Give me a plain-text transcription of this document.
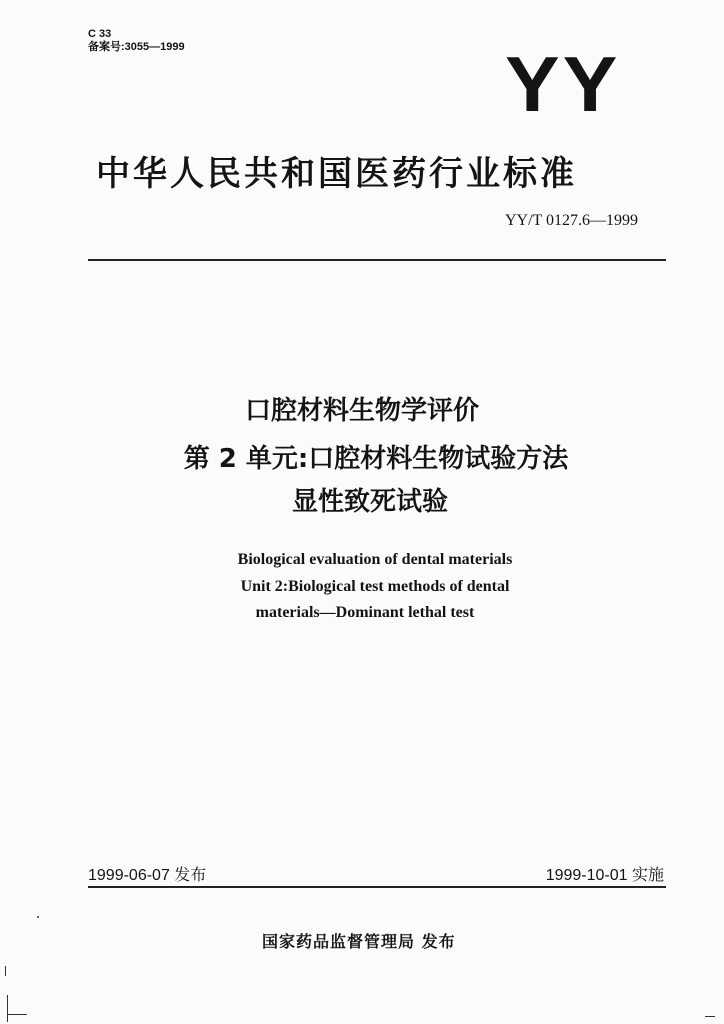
C 33
备案号:3055—1999	YY
中华人民共和国医药行业标准
YY/T 0127.6—1999
口腔材料生物学评价
第 2 单元:口腔材料生物试验方法
显性致死试验
Biological evaluation of dental materials
Unit 2:Biological test methods of dental
materials—Dominant lethal test
1999-06-07 发布	1999-10-01 实施
国家药品监督管理局 发布
